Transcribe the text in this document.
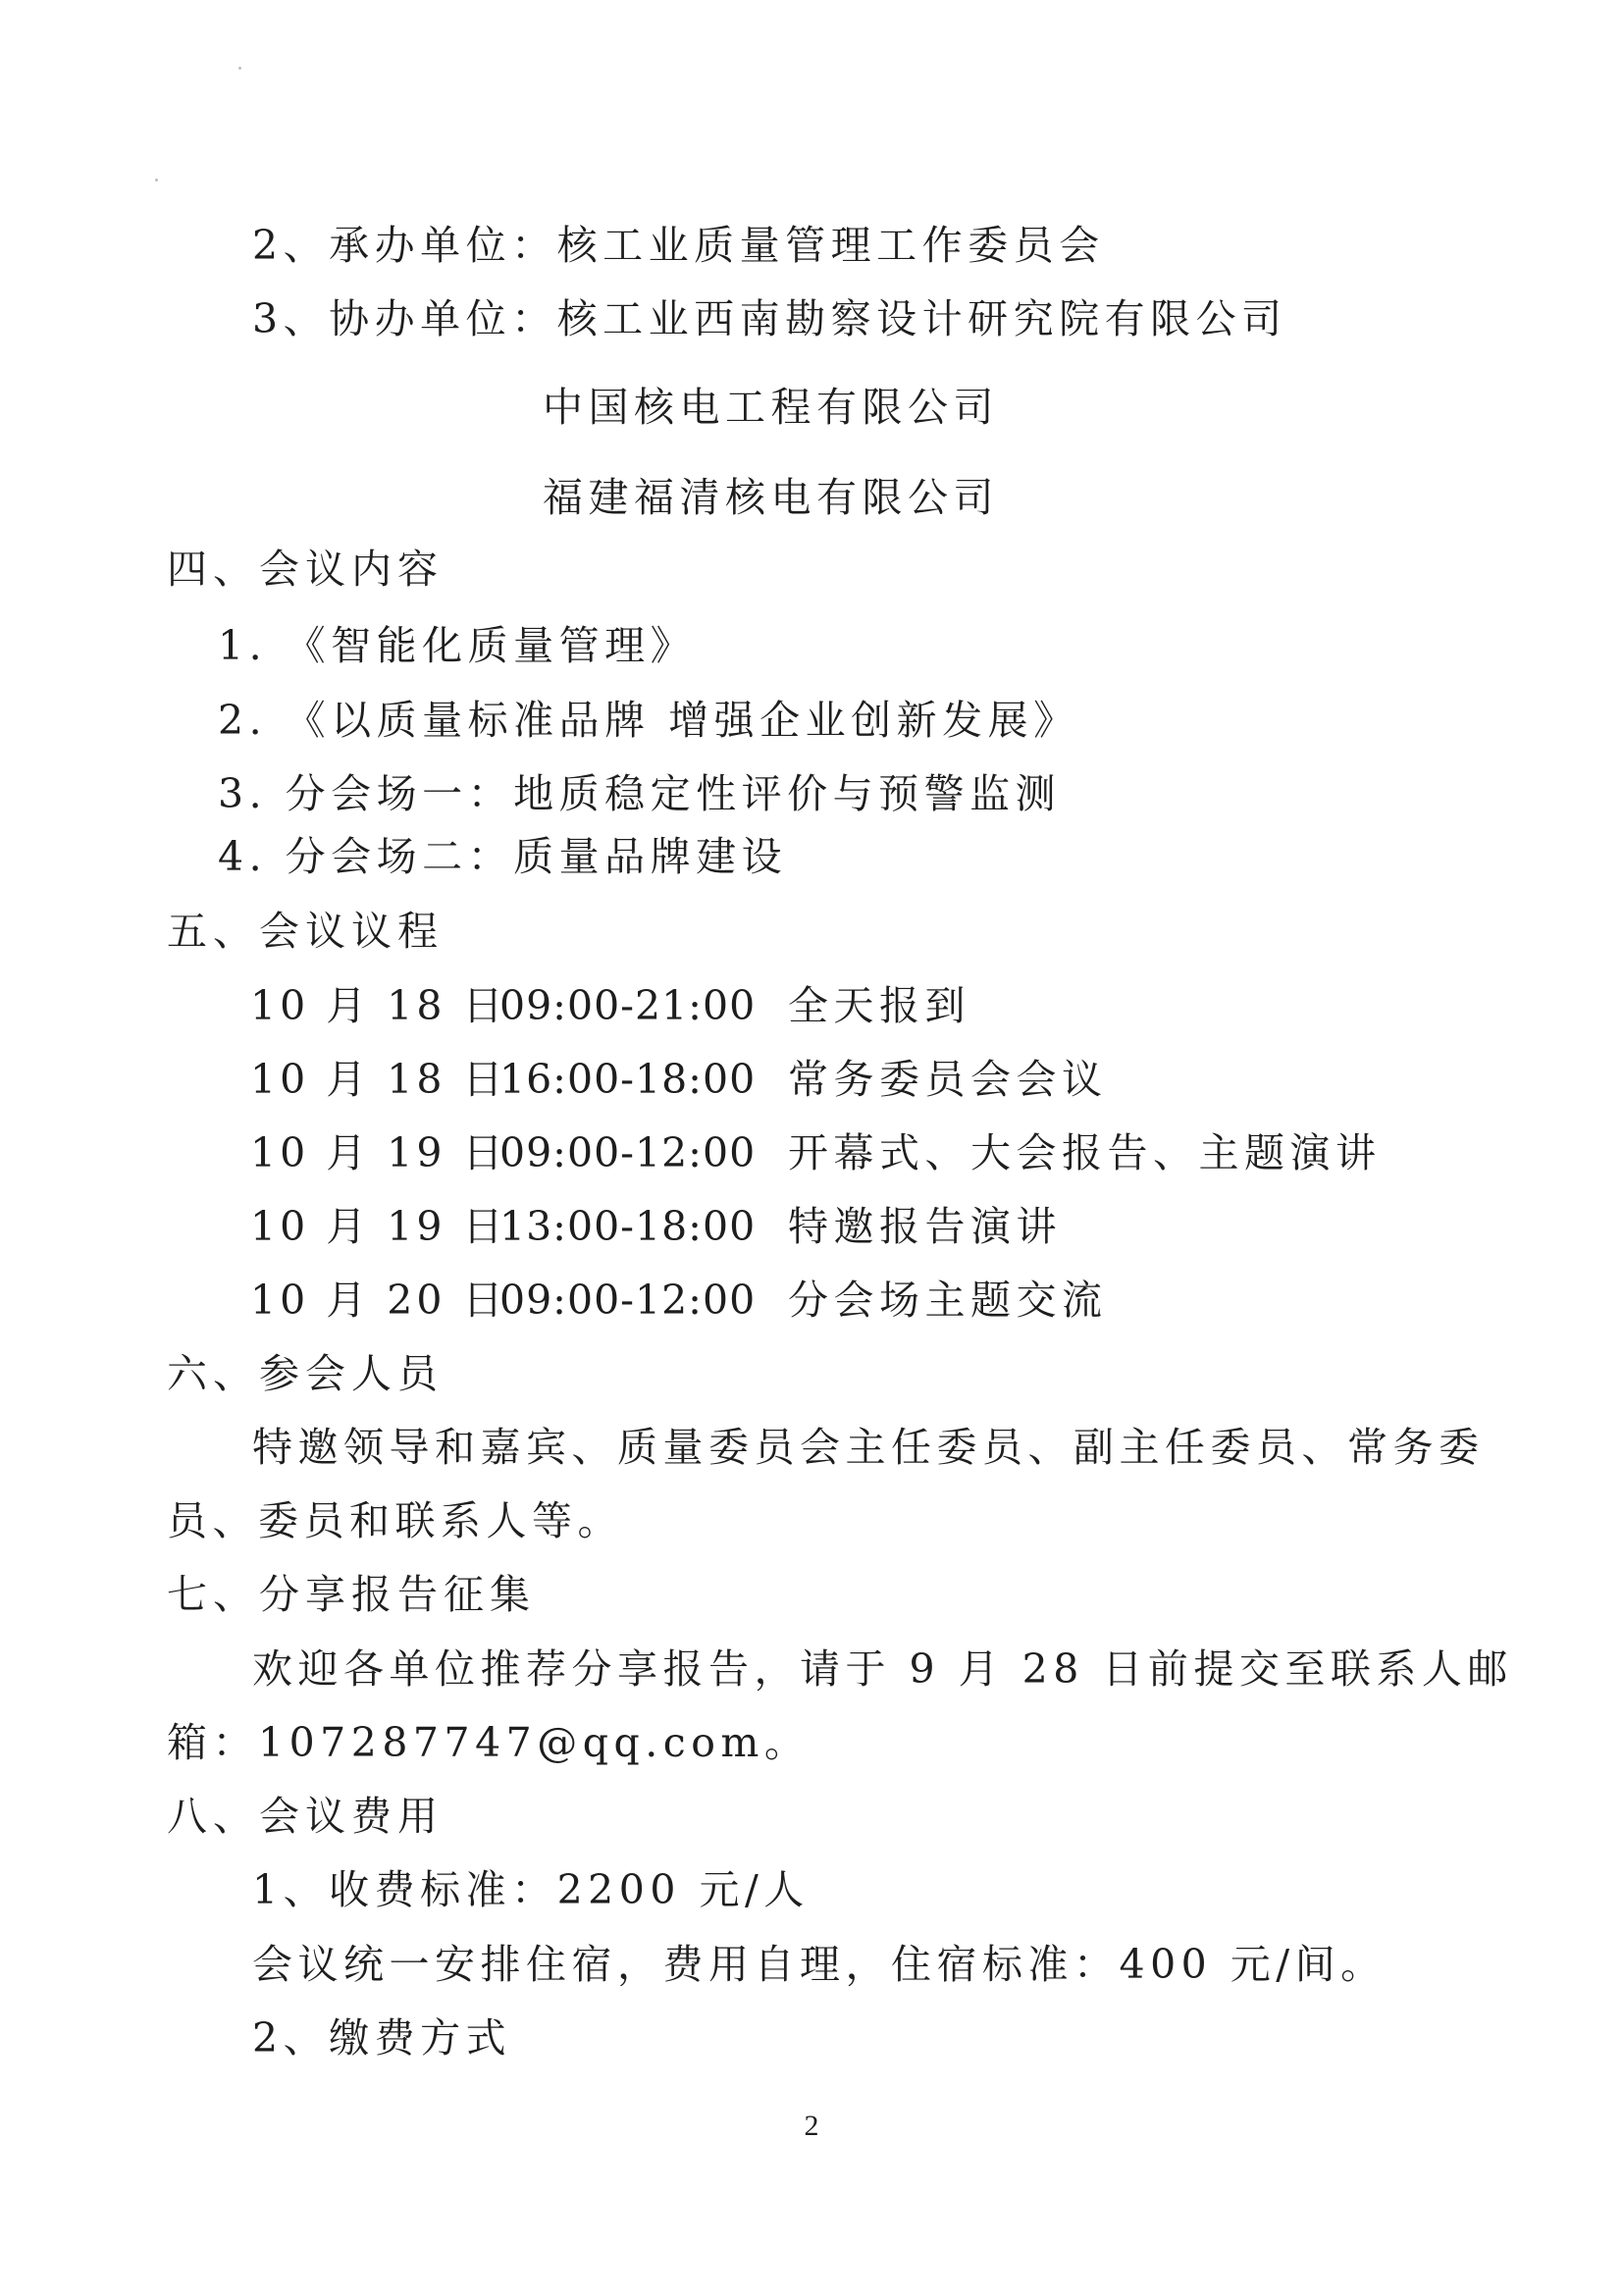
2、承办单位：核工业质量管理工作委员会
3、协办单位：核工业西南勘察设计研究院有限公司
中国核电工程有限公司
福建福清核电有限公司
四、会议内容
1. 《智能化质量管理》
2. 《以质量标准品牌 增强企业创新发展》
3. 分会场一：地质稳定性评价与预警监测
4. 分会场二：质量品牌建设
五、会议议程
10 月 18 日
09:00-21:00 全天报到
10 月 18 日
16:00-18:00 常务委员会会议
10 月 19 日
09:00-12:00 开幕式、大会报告、主题演讲
10 月 19 日
13:00-18:00 特邀报告演讲
10 月 20 日
09:00-12:00 分会场主题交流
六、参会人员
特邀领导和嘉宾、质量委员会主任委员、副主任委员、常务委
员、委员和联系人等。
七、分享报告征集
欢迎各单位推荐分享报告，请于 9 月 28 日前提交至联系人邮
箱：107287747@qq.com。
八、会议费用
1、收费标准：2200 元/人
会议统一安排住宿，费用自理，住宿标准：400 元/间。
2、缴费方式
2
